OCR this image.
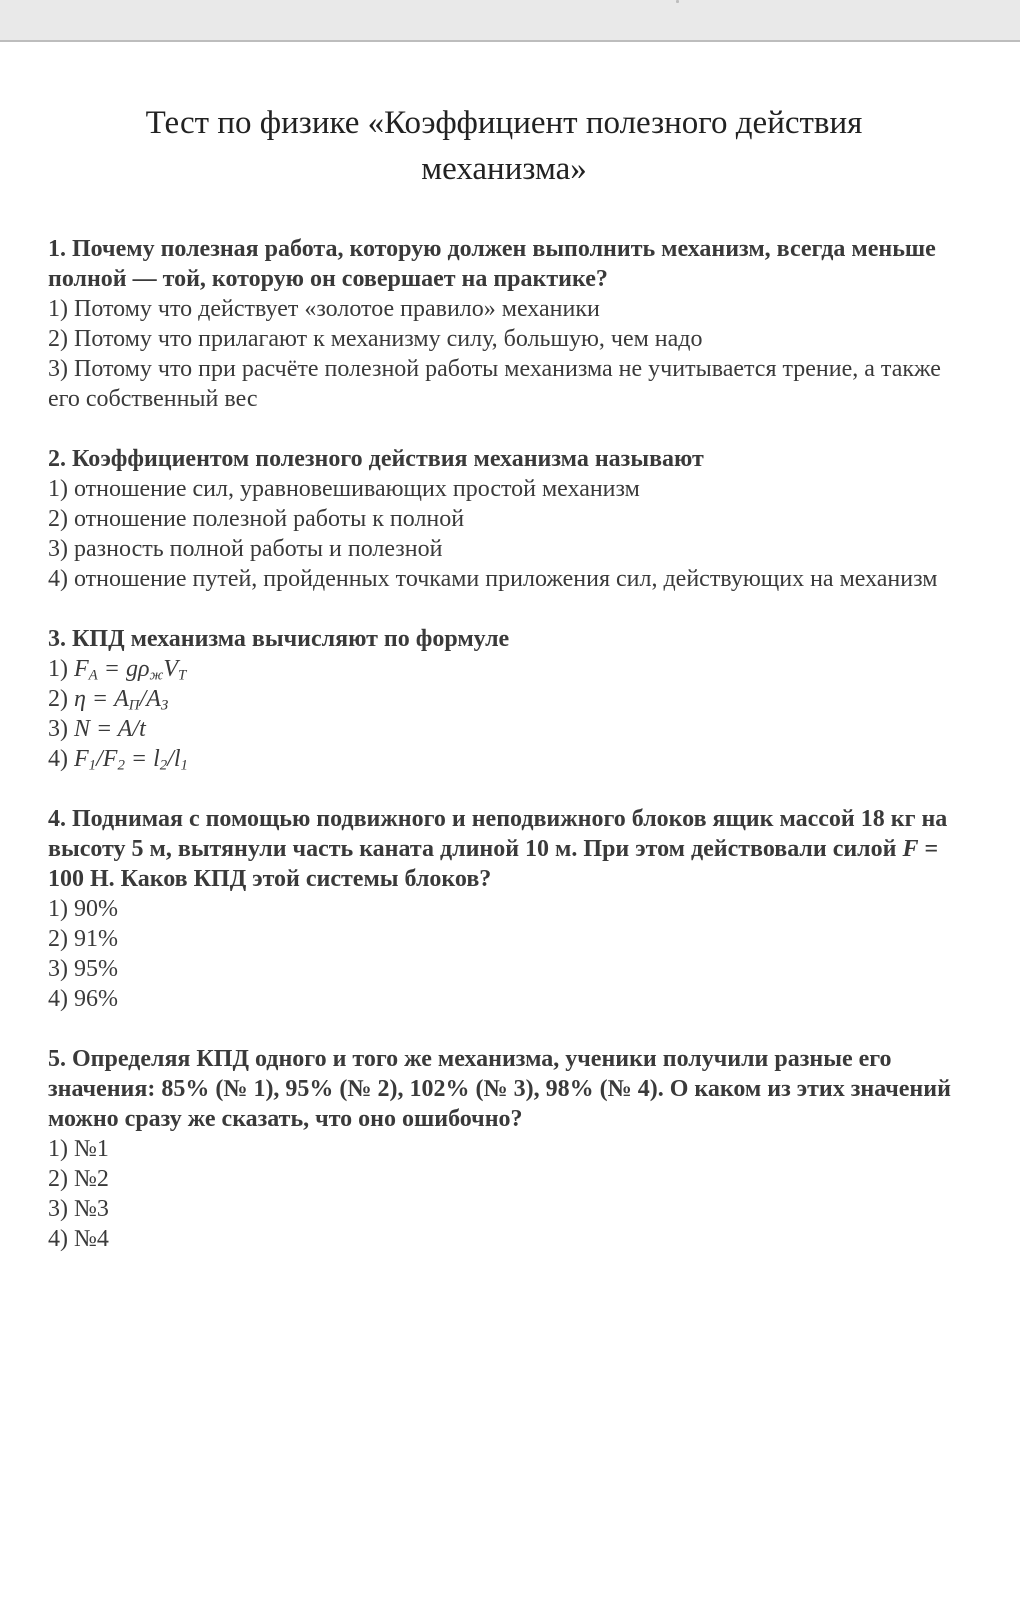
Тест по физике «Коэффициент полезного действия механизма»

1. Почему полезная работа, которую должен выполнить механизм, всегда меньше полной — той, которую он совершает на практике?

1) Потому что действует «золотое правило» механики

2) Потому что прилагают к механизму силу, большую, чем надо

3) Потому что при расчёте полезной работы механизма не учитывается трение, а также его собственный вес

2. Коэффициентом полезного действия механизма называют

1) отношение сил, уравновешивающих простой механизм

2) отношение полезной работы к полной

3) разность полной работы и полезной

4) отношение путей, пройденных точками приложения сил, действующих на механизм

3. КПД механизма вычисляют по формуле

1) $F_A = g\rho_жV_T$

2) $\eta = A_П/A_З$

3) N = A/t

4) $F_1/F_2 = l_2/l_1$

4. Поднимая с помощью подвижного и неподвижного блоков ящик массой 18 кг на высоту 5 м, вытянули часть каната длиной 10 м. При этом действовали силой F = 100 Н. Каков КПД этой системы блоков?

1) 90%

2) 91%

3) 95%

4) 96%

5. Определяя КПД одного и того же механизма, ученики получили разные его значения: 85% (№ 1), 95% (№ 2), 102% (№ 3), 98% (№ 4). О каком из этих значений можно сразу же сказать, что оно ошибочно?

1) №1

2) №2

3) №3

4) №4
